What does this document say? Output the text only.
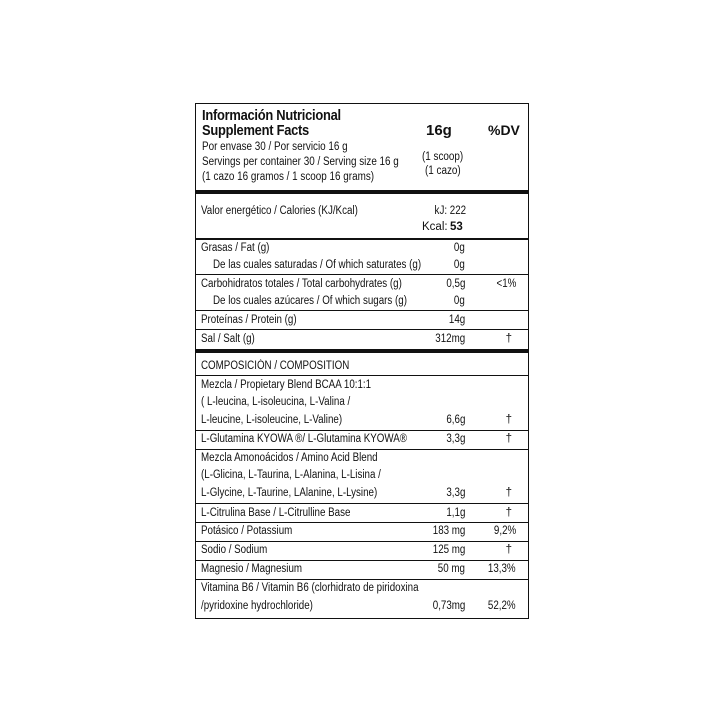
Información Nutricional
Supplement Facts	16g	%DV
Por envase 30 / Por servicio 16 g
Servings per container 30 / Serving size 16 g
(1 cazo 16 gramos / 1 scoop 16 grams)
(1 scoop)
(1 cazo)
Valor energético / Calories (KJ/Kcal)	kJ: 222
Kcal: 53
Grasas / Fat (g)	0g
De las cuales saturadas / Of which saturates (g)	0g
Carbohidratos totales / Total carbohydrates (g)	0,5g	<1%
De los cuales azúcares / Of which sugars (g)	0g
Proteínas / Protein (g)	14g
Sal / Salt (g)	312mg	†
COMPOSICIÓN / COMPOSITION
Mezcla / Propietary Blend BCAA 10:1:1
( L-leucina, L-isoleucina, L-Valina /
L-leucine, L-isoleucine, L-Valine)	6,6g	†
L-Glutamina KYOWA ®/ L-Glutamina KYOWA®	3,3g	†
Mezcla Amonoácidos / Amino Acid Blend
(L-Glicina, L-Taurina, L-Alanina, L-Lisina /
L-Glycine, L-Taurine, LAlanine, L-Lysine)	3,3g	†
L-Citrulina Base / L-Citrulline Base	1,1g	†
Potásico / Potassium	183 mg 9,2%
Sodio / Sodium	125 mg	†
Magnesio / Magnesium	50 mg 13,3%
Vitamina B6 / Vitamin B6 (clorhidrato de piridoxina
/pyridoxine hydrochloride)	0,73mg 52,2%
